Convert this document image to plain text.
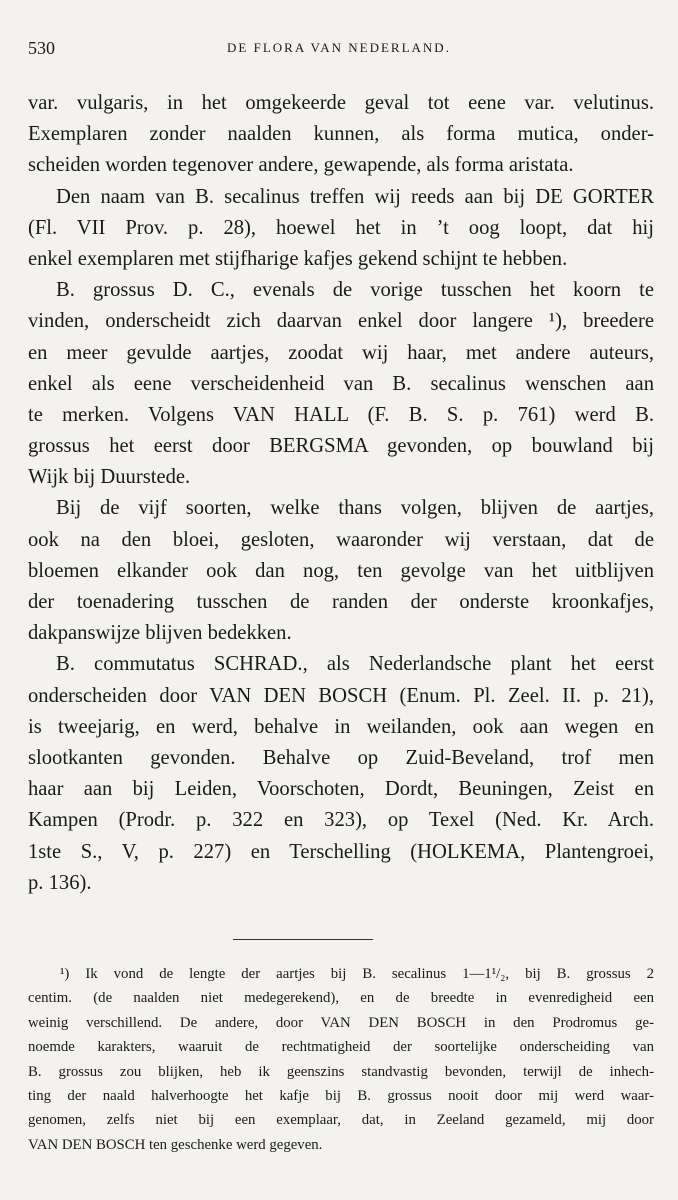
530	DE FLORA VAN NEDERLAND.
var. vulgaris, in het omgekeerde geval tot eene var. velutinus.
Exemplaren zonder naalden kunnen, als forma mutica, onder-
scheiden worden tegenover andere, gewapende, als forma aristata.
Den naam van B. secalinus treffen wij reeds aan bij DE GORTER
(Fl. VII Prov. p. 28), hoewel het in ’t oog loopt, dat hij
enkel exemplaren met stijfharige kafjes gekend schijnt te hebben.
B. grossus D. C., evenals de vorige tusschen het koorn te
vinden, onderscheidt zich daarvan enkel door langere ¹), breedere
en meer gevulde aartjes, zoodat wij haar, met andere auteurs,
enkel als eene verscheidenheid van B. secalinus wenschen aan
te merken. Volgens VAN HALL (F. B. S. p. 761) werd B.
grossus het eerst door BERGSMA gevonden, op bouwland bij
Wijk bij Duurstede.
Bij de vijf soorten, welke thans volgen, blijven de aartjes,
ook na den bloei, gesloten, waaronder wij verstaan, dat de
bloemen elkander ook dan nog, ten gevolge van het uitblijven
der toenadering tusschen de randen der onderste kroonkafjes,
dakpanswijze blijven bedekken.
B. commutatus SCHRAD., als Nederlandsche plant het eerst
onderscheiden door VAN DEN BOSCH (Enum. Pl. Zeel. II. p. 21),
is tweejarig, en werd, behalve in weilanden, ook aan wegen en
slootkanten gevonden. Behalve op Zuid-Beveland, trof men
haar aan bij Leiden, Voorschoten, Dordt, Beuningen, Zeist en
Kampen (Prodr. p. 322 en 323), op Texel (Ned. Kr. Arch.
1ste S., V, p. 227) en Terschelling (HOLKEMA, Plantengroei,
p. 136).
¹) Ik vond de lengte der aartjes bij B. secalinus 1—1¹/₂, bij B. grossus 2
centim. (de naalden niet medegerekend), en de breedte in evenredigheid een
weinig verschillend. De andere, door VAN DEN BOSCH in den Prodromus ge-
noemde karakters, waaruit de rechtmatigheid der soortelijke onderscheiding van
B. grossus zou blijken, heb ik geenszins standvastig bevonden, terwijl de inhech-
ting der naald halverhoogte het kafje bij B. grossus nooit door mij werd waar-
genomen, zelfs niet bij een exemplaar, dat, in Zeeland gezameld, mij door
VAN DEN BOSCH ten geschenke werd gegeven.
